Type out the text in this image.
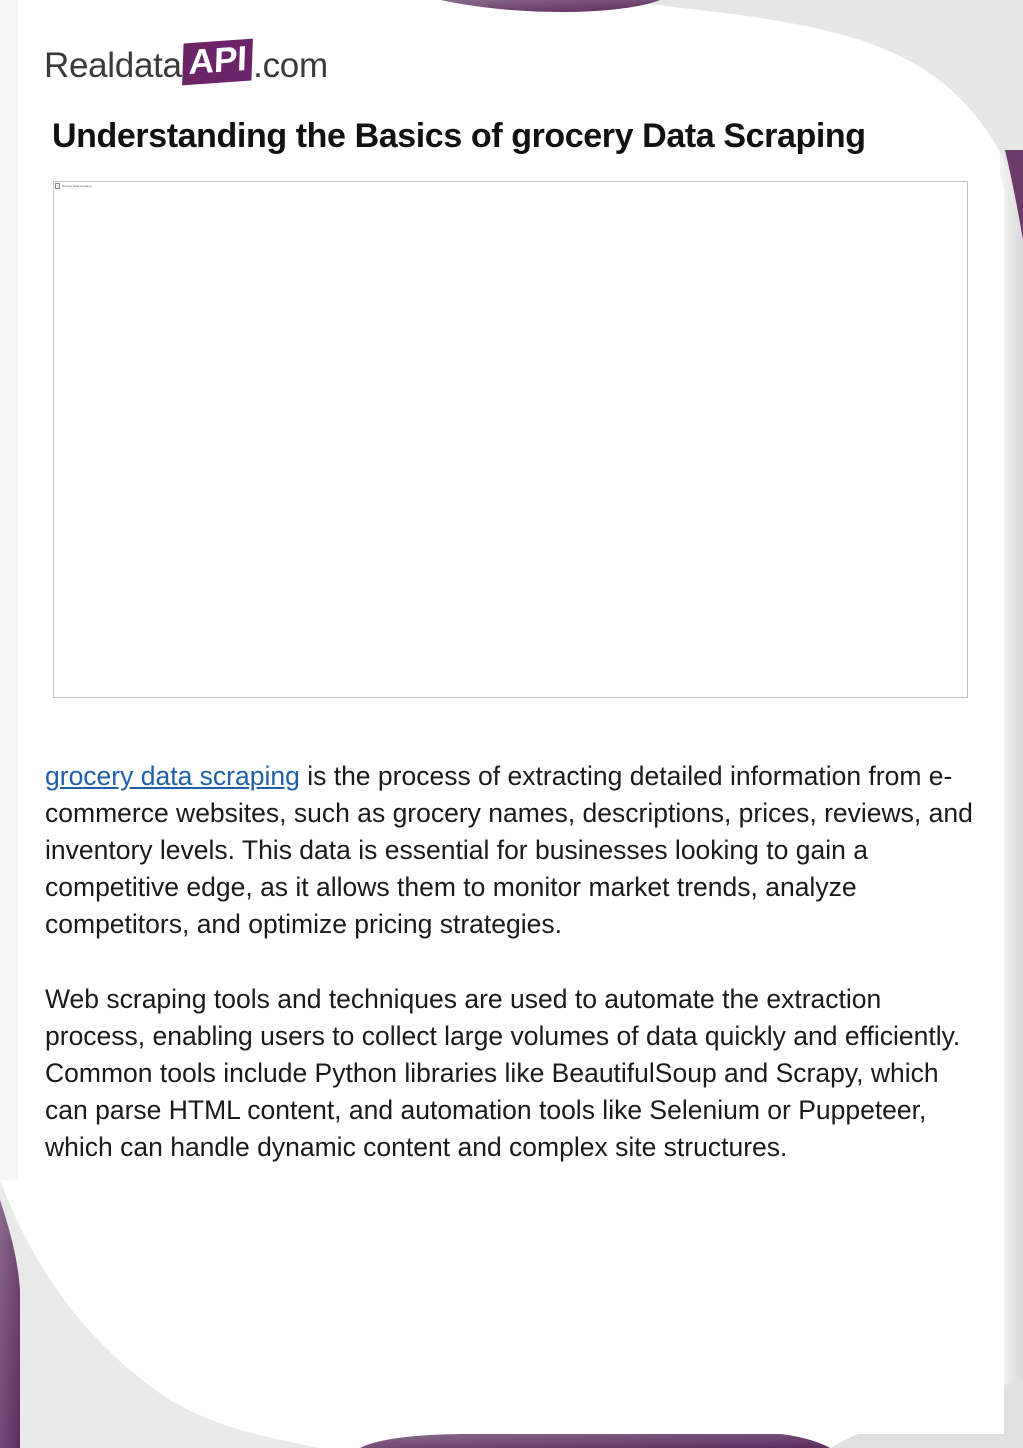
Realdata API .com
Understanding the Basics of grocery Data Scraping
Grocery data scraping

grocery data scraping is the process of extracting detailed information from e-commerce websites, such as grocery names, descriptions, prices, reviews, and inventory levels. This data is essential for businesses looking to gain a competitive edge, as it allows them to monitor market trends, analyze competitors, and optimize pricing strategies.

Web scraping tools and techniques are used to automate the extraction process, enabling users to collect large volumes of data quickly and efficiently. Common tools include Python libraries like BeautifulSoup and Scrapy, which can parse HTML content, and automation tools like Selenium or Puppeteer, which can handle dynamic content and complex site structures.
